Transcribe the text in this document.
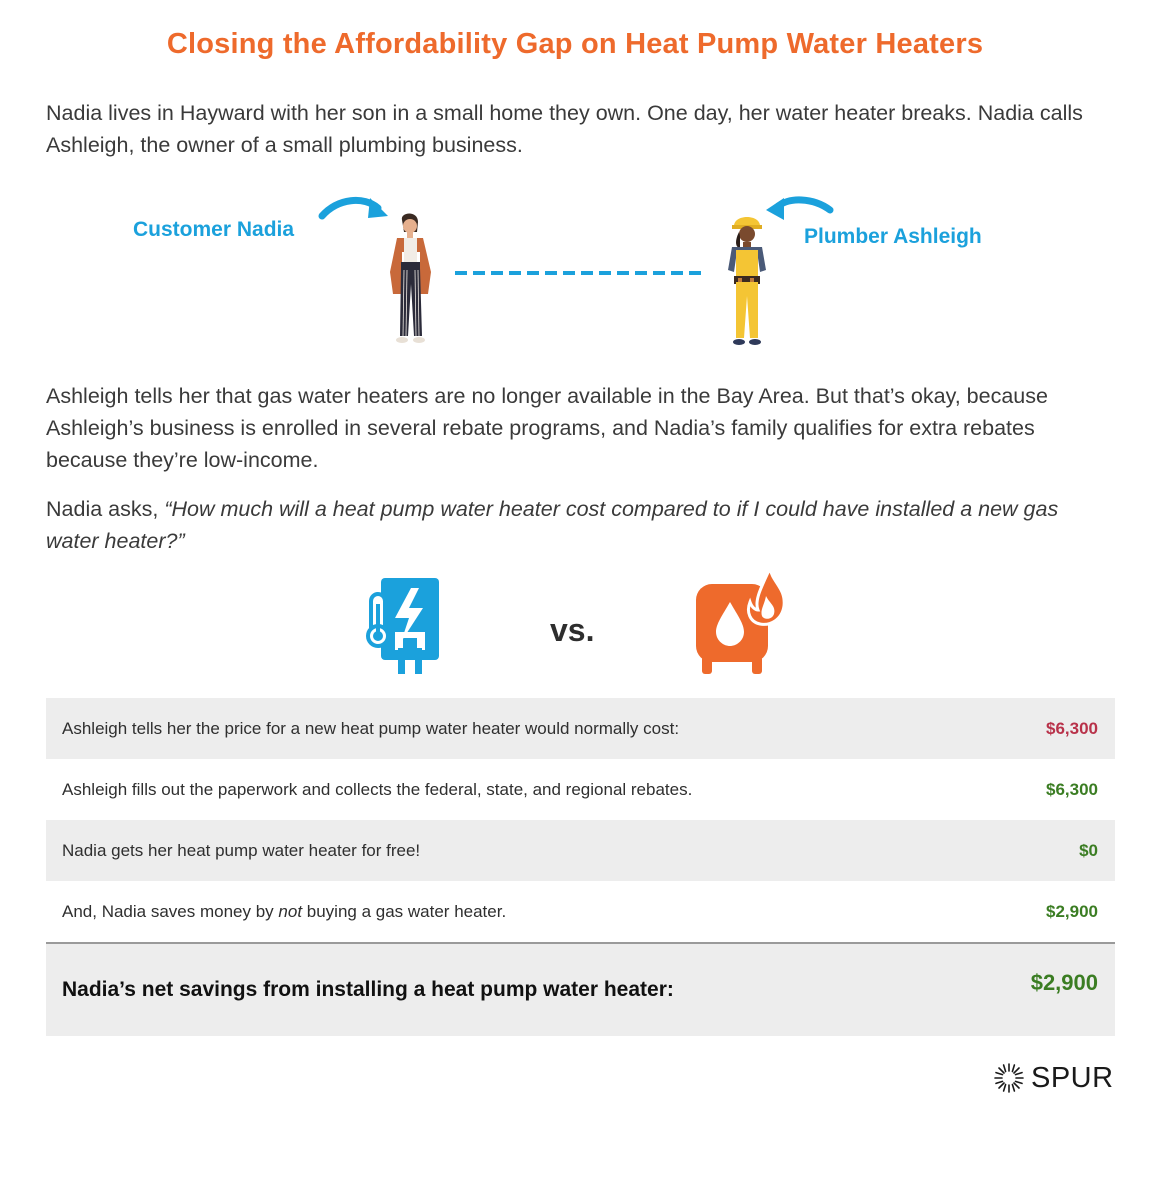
Closing the Affordability Gap on Heat Pump Water Heaters
Nadia lives in Hayward with her son in a small home they own. One day, her water heater breaks. Nadia calls Ashleigh, the owner of a small plumbing business.
Customer Nadia	Plumber Ashleigh
Ashleigh tells her that gas water heaters are no longer available in the Bay Area. But that’s okay, because Ashleigh’s business is enrolled in several rebate programs, and Nadia’s family qualifies for extra rebates because they’re low-income.
Nadia asks, “How much will a heat pump water heater cost compared to if I could have installed a new gas water heater?”
vs.
Ashleigh tells her the price for a new heat pump water heater would normally cost:	$6,300
Ashleigh fills out the paperwork and collects the federal, state, and regional rebates.	$6,300
Nadia gets her heat pump water heater for free!	$0
And, Nadia saves money by not buying a gas water heater.	$2,900
Nadia’s net savings from installing a heat pump water heater:	$2,900
SPUR
